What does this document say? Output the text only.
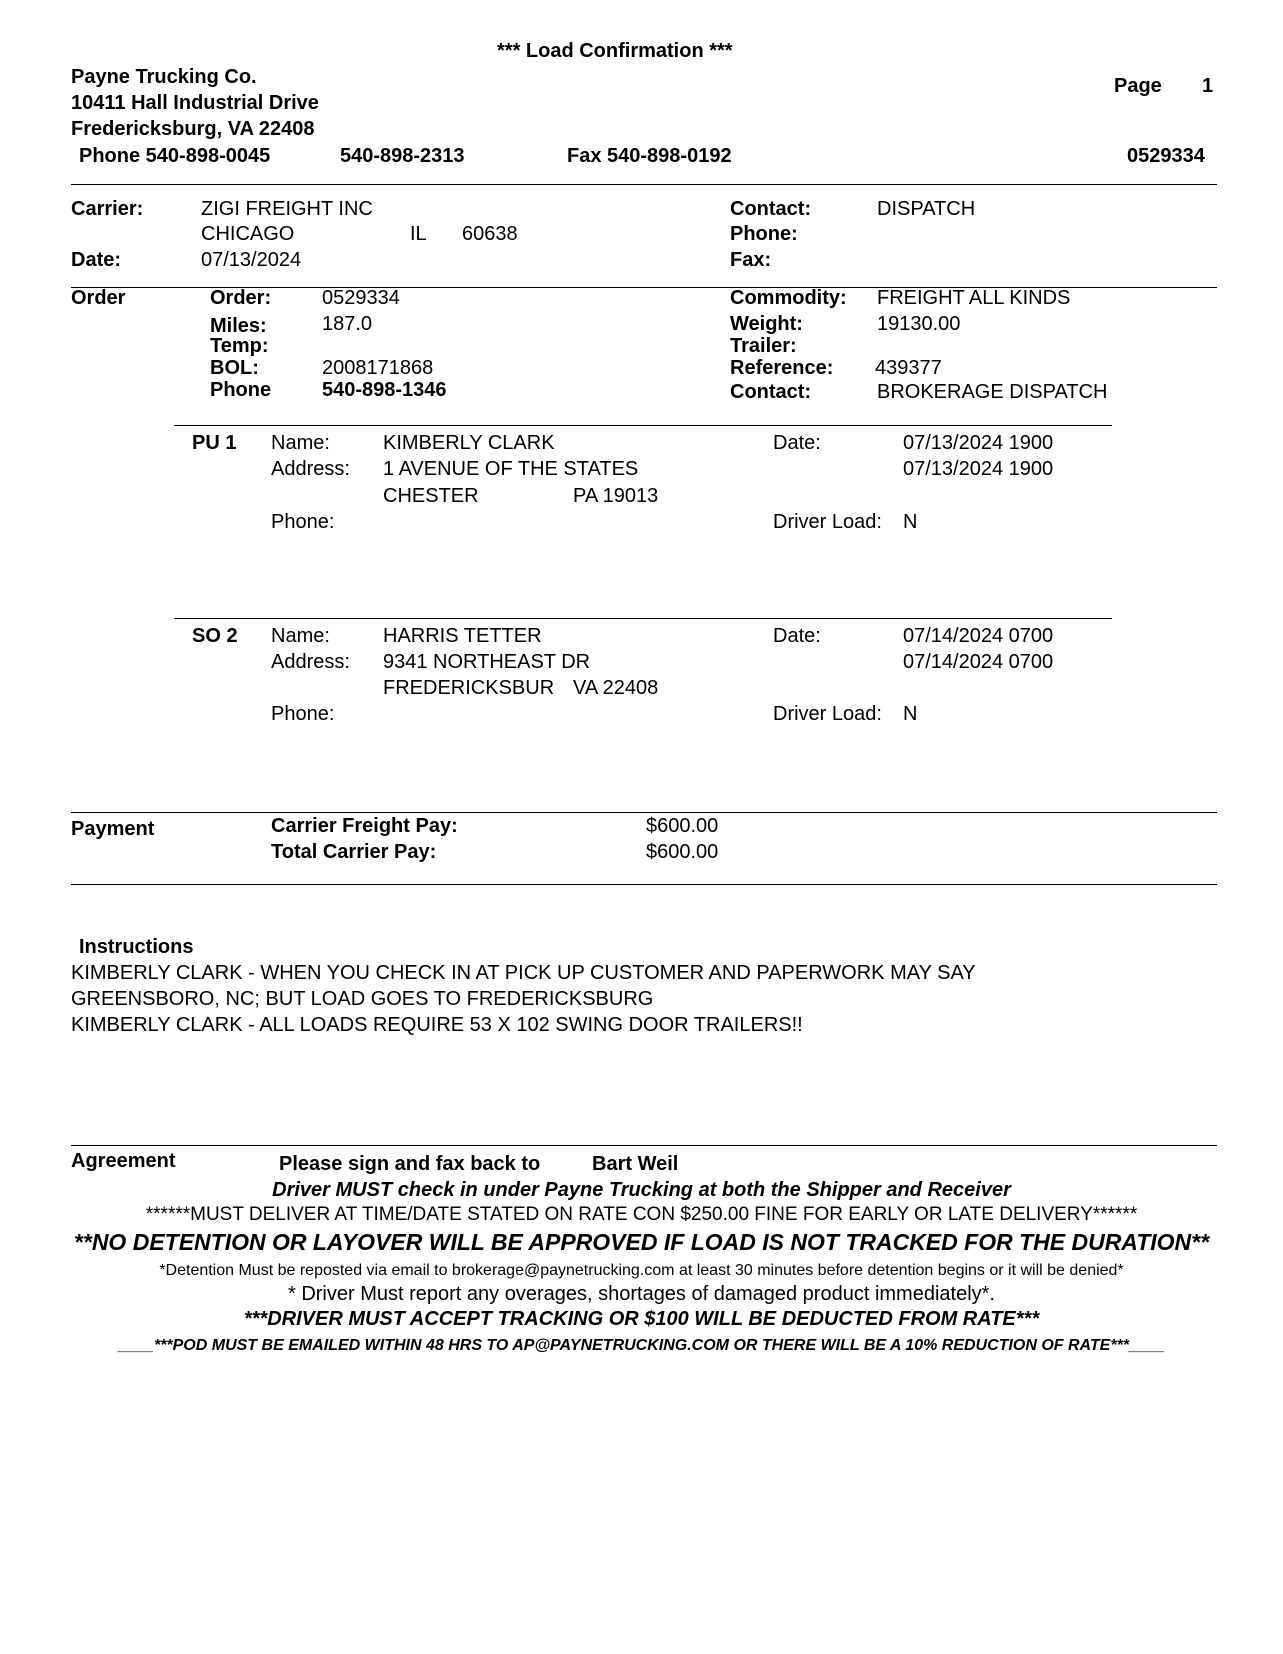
*** Load Confirmation ***
Payne Trucking Co.
10411 Hall Industrial Drive
Fredericksburg, VA 22408
Phone 540-898-0045	540-898-2313	Fax 540-898-0192
Page 1
0529334
Carrier:	ZIGI FREIGHT INC
CHICAGO	IL 60638
Date:	07/13/2024
Contact:	DISPATCH
Phone:
Fax:
Order	Order:	0529334
Miles:	187.0
Temp:
BOL:	2008171868
Phone	540-898-1346
Commodity: FREIGHT ALL KINDS
Weight:	19130.00
Trailer:
Reference: 439377
Contact:	BROKERAGE DISPATCH
PU 1 Name:	KIMBERLY CLARK
Address: 1 AVENUE OF THE STATES
CHESTER	PA 19013
Phone:
Date:	07/13/2024 1900
07/13/2024 1900
Driver Load: N
SO 2 Name:	HARRIS TETTER
Address: 9341 NORTHEAST DR
FREDERICKSBUR VA 22408
Phone:
Date:	07/14/2024 0700
07/14/2024 0700
Driver Load: N
Payment	Carrier Freight Pay:	$600.00
Total Carrier Pay:	$600.00
Instructions
KIMBERLY CLARK - WHEN YOU CHECK IN AT PICK UP CUSTOMER AND PAPERWORK MAY SAY
GREENSBORO, NC; BUT LOAD GOES TO FREDERICKSBURG
KIMBERLY CLARK - ALL LOADS REQUIRE 53 X 102 SWING DOOR TRAILERS!!
Agreement	Please sign and fax back to	Bart Weil
Driver MUST check in under Payne Trucking at both the Shipper and Receiver
******MUST DELIVER AT TIME/DATE STATED ON RATE CON $250.00 FINE FOR EARLY OR LATE DELIVERY******
**NO DETENTION OR LAYOVER WILL BE APPROVED IF LOAD IS NOT TRACKED FOR THE DURATION**
*Detention Must be reposted via email to brokerage@paynetrucking.com at least 30 minutes before detention begins or it will be denied*
* Driver Must report any overages, shortages of damaged product immediately*.
***DRIVER MUST ACCEPT TRACKING OR $100 WILL BE DEDUCTED FROM RATE***
____***POD MUST BE EMAILED WITHIN 48 HRS TO AP@PAYNETRUCKING.COM OR THERE WILL BE A 10% REDUCTION OF RATE***____
